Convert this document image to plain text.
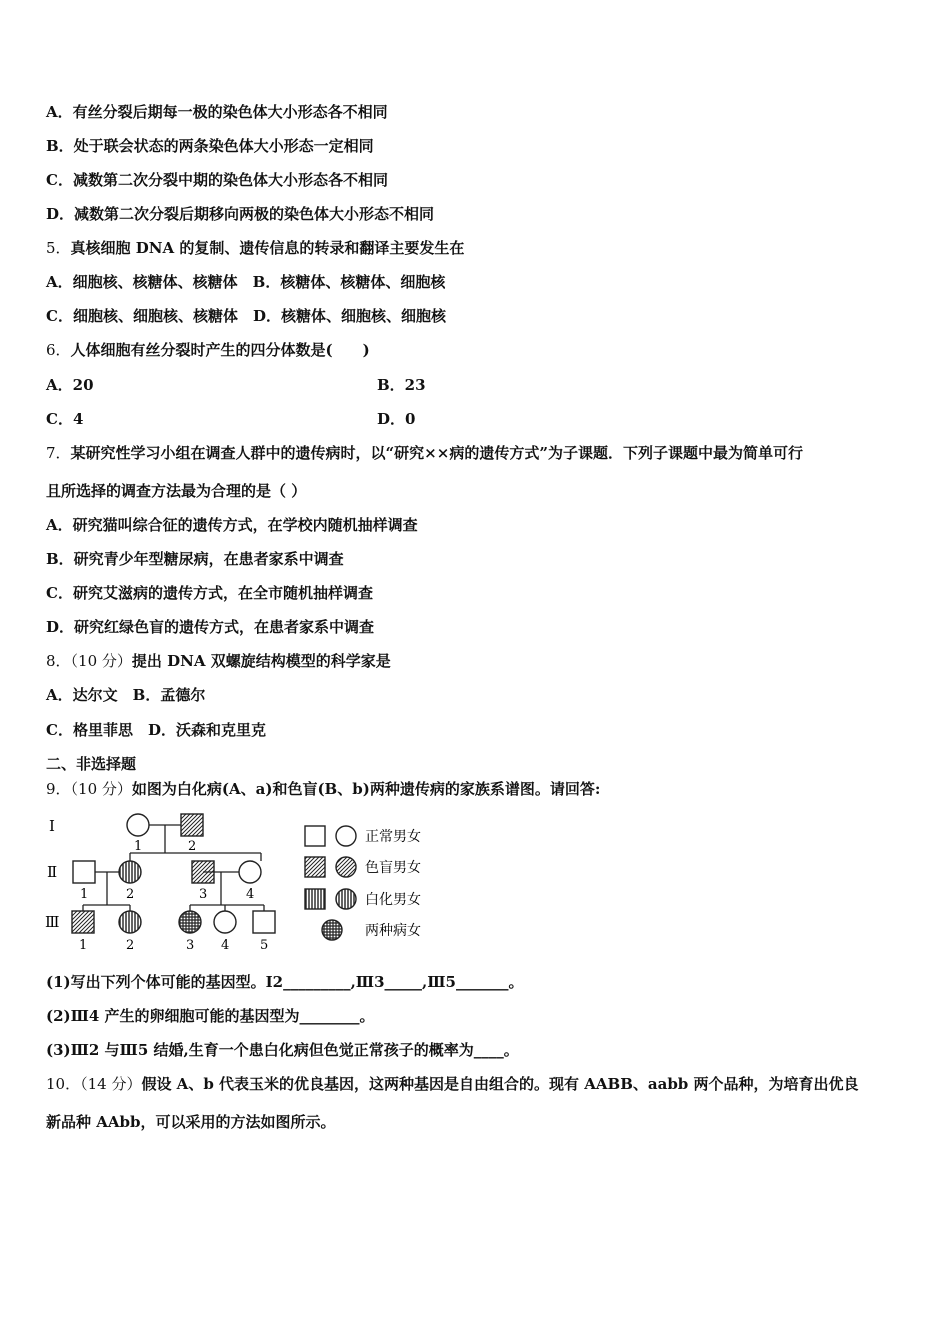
A．有丝分裂后期每一极的染色体大小形态各不相同
B．处于联会状态的两条染色体大小形态一定相同
C．减数第二次分裂中期的染色体大小形态各不相同
D．减数第二次分裂后期移向两极的染色体大小形态不相同
5．真核细胞 DNA 的复制、遗传信息的转录和翻译主要发生在
A．细胞核、核糖体、核糖体　B．核糖体、核糖体、细胞核
C．细胞核、细胞核、核糖体　D．核糖体、细胞核、细胞核
6．人体细胞有丝分裂时产生的四分体数是(　　)
A．20	B．23
C．4	D．0
7．某研究性学习小组在调查人群中的遗传病时，以“研究××病的遗传方式”为子课题．下列子课题中最为简单可行
且所选择的调查方法最为合理的是（ ）
A．研究猫叫综合征的遗传方式，在学校内随机抽样调查
B．研究青少年型糖尿病，在患者家系中调查
C．研究艾滋病的遗传方式，在全市随机抽样调查
D．研究红绿色盲的遗传方式，在患者家系中调查
8．（10 分）提出 DNA 双螺旋结构模型的科学家是
A．达尔文　B．孟德尔
C．格里菲思　D．沃森和克里克
二、非选择题
9．（10 分）如图为白化病(A、a)和色盲(B、b)两种遗传病的家族系谱图。请回答:
Ⅰ
Ⅱ
Ⅲ
1	2
1	2	3	4
1	2	3 4 5
正常男女
色盲男女
白化男女
两种病女
(1)写出下列个体可能的基因型。Ⅰ2_________,Ⅲ3_____,Ⅲ5_______。
(2)Ⅲ4 产生的卵细胞可能的基因型为________。
(3)Ⅲ2 与Ⅲ5 结婚,生育一个患白化病但色觉正常孩子的概率为____。
10．（14 分）假设 A、b 代表玉米的优良基因，这两种基因是自由组合的。现有 AABB、aabb 两个品种，为培育出优良
新品种 AAbb，可以采用的方法如图所示。
